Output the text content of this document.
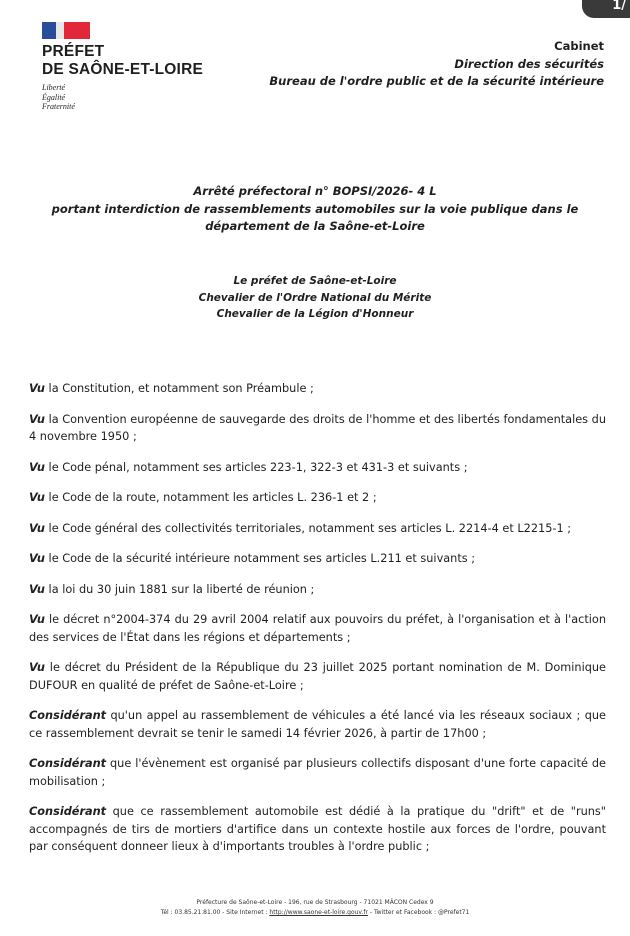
1/
PRÉFET
DE SAÔNE-ET-LOIRE
Liberté
Égalité
Fraternité
Cabinet
Direction des sécurités
Bureau de l'ordre public et de la sécurité intérieure
Arrêté préfectoral n° BOPSI/2026- 4 L
portant interdiction de rassemblements automobiles sur la voie publique dans le
département de la Saône-et-Loire
Le préfet de Saône-et-Loire
Chevalier de l'Ordre National du Mérite
Chevalier de la Légion d'Honneur

Vu la Constitution, et notamment son Préambule ;

Vu la Convention européenne de sauvegarde des droits de l'homme et des libertés fondamentales du 4 novembre 1950 ;

Vu le Code pénal, notamment ses articles 223-1, 322-3 et 431-3 et suivants ;

Vu le Code de la route, notamment les articles L. 236-1 et 2 ;

Vu le Code général des collectivités territoriales, notamment ses articles L. 2214-4 et L2215-1 ;

Vu le Code de la sécurité intérieure notamment ses articles L.211 et suivants ;

Vu la loi du 30 juin 1881 sur la liberté de réunion ;

Vu le décret n°2004-374 du 29 avril 2004 relatif aux pouvoirs du préfet, à l'organisation et à l'action des services de l'État dans les régions et départements ;

Vu le décret du Président de la République du 23 juillet 2025 portant nomination de M. Dominique DUFOUR en qualité de préfet de Saône-et-Loire ;

Considérant qu'un appel au rassemblement de véhicules a été lancé via les réseaux sociaux ; que ce rassemblement devrait se tenir le samedi 14 février 2026, à partir de 17h00 ;

Considérant que l'évènement est organisé par plusieurs collectifs disposant d'une forte capacité de mobilisation ;

Considérant que ce rassemblement automobile est dédié à la pratique du "drift" et de "runs" accompagnés de tirs de mortiers d'artifice dans un contexte hostile aux forces de l'ordre, pouvant par conséquent donneer lieux à d'importants troubles à l'ordre public ;

Préfecture de Saône-et-Loire - 196, rue de Strasbourg - 71021 MÂCON Cedex 9
Tél : 03.85.21.81.00 - Site Internet : http://www.saone-et-loire.gouv.fr - Twitter et Facebook : @Prefet71
